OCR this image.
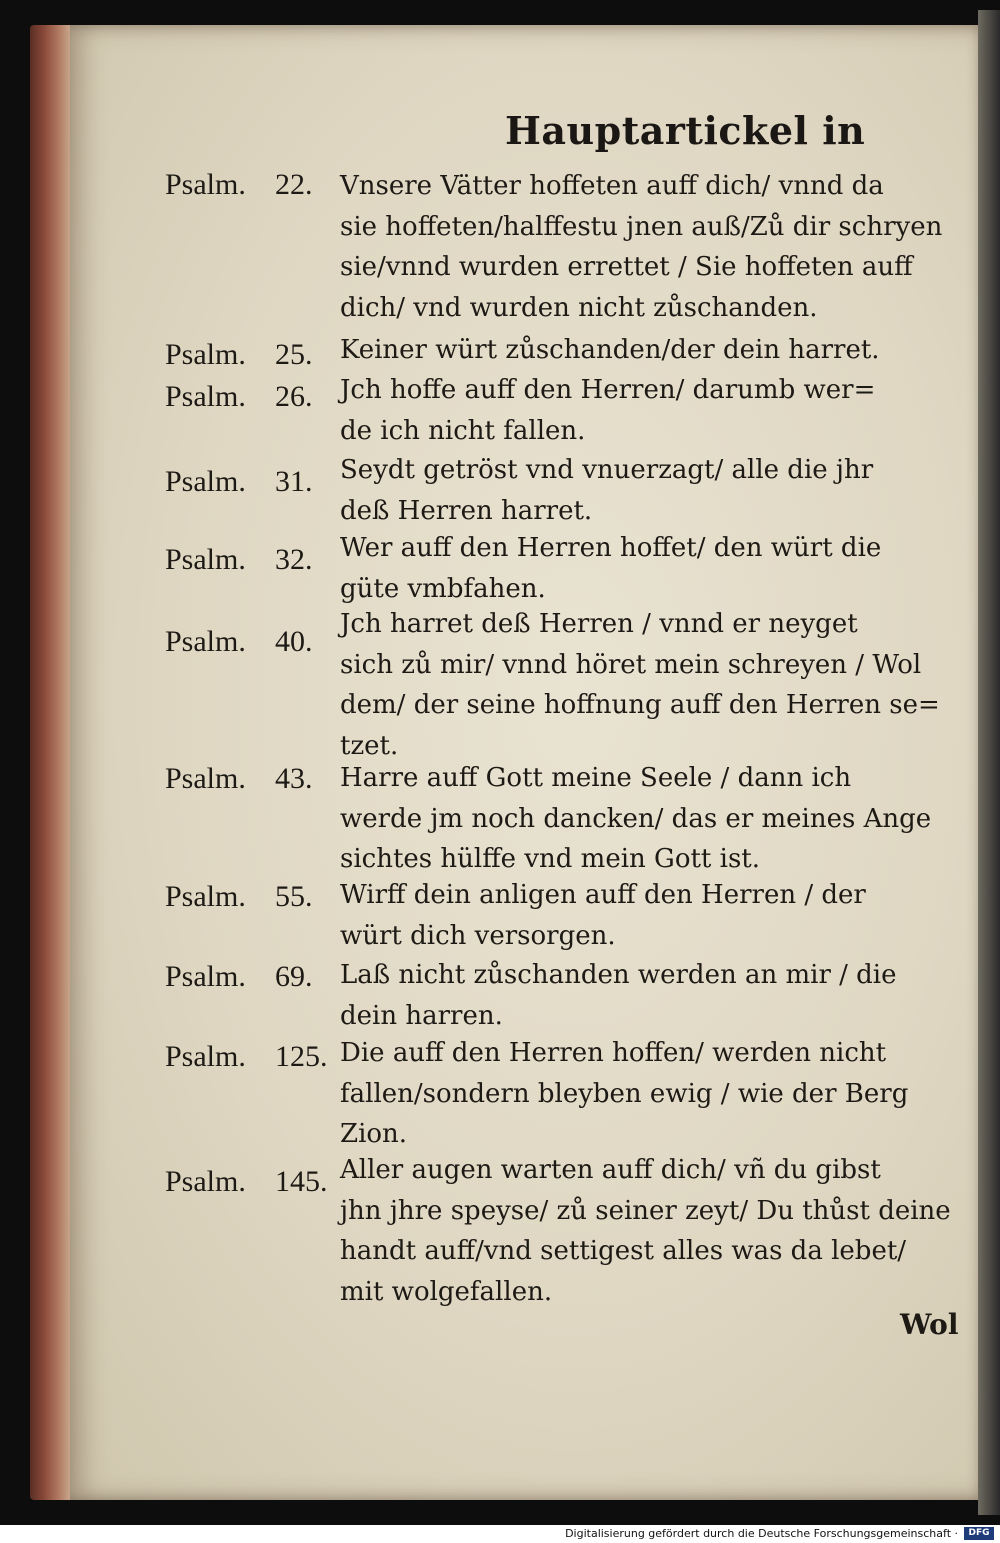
Hauptartickel in
Psalm. 22. Vnsere Vätter hoffeten auff dich/ vnnd da
sie hoffeten/halffestu jnen auß/Zů dir schryen
sie/vnnd wurden errettet / Sie hoffeten auff
dich/ vnd wurden nicht zůschanden.
Psalm. 25. Keiner würt zůschanden/der dein harret.
Psalm. 26. Jch hoffe auff den Herren/ darumb wer=
de ich nicht fallen.
Psalm. 31. Seydt getröst vnd vnuerzagt/ alle die jhr
deß Herren harret.
Psalm. 32. Wer auff den Herren hoffet/ den würt die
güte vmbfahen.
Psalm. 40.
Jch harret deß Herren / vnnd er neyget
sich zů mir/ vnnd höret mein schreyen / Wol
dem/ der seine hoffnung auff den Herren se=
tzet.
Psalm. 43. Harre auff Gott meine Seele / dann ich
werde jm noch dancken/ das er meines Ange
sichtes hülffe vnd mein Gott ist.
Psalm. 55. Wirff dein anligen auff den Herren / der
würt dich versorgen.
Psalm. 69. Laß nicht zůschanden werden an mir / die
dein harren.
Psalm. 125. Die auff den Herren hoffen/ werden nicht
fallen/sondern bleyben ewig / wie der Berg
Zion.
Psalm. 145. Aller augen warten auff dich/ vñ du gibst
jhn jhre speyse/ zů seiner zeyt/ Du thůst deine
handt auff/vnd settigest alles was da lebet/
mit wolgefallen.
Wol
Digitalisierung gefördert durch die Deutsche Forschungsgemeinschaft ·	DFG
